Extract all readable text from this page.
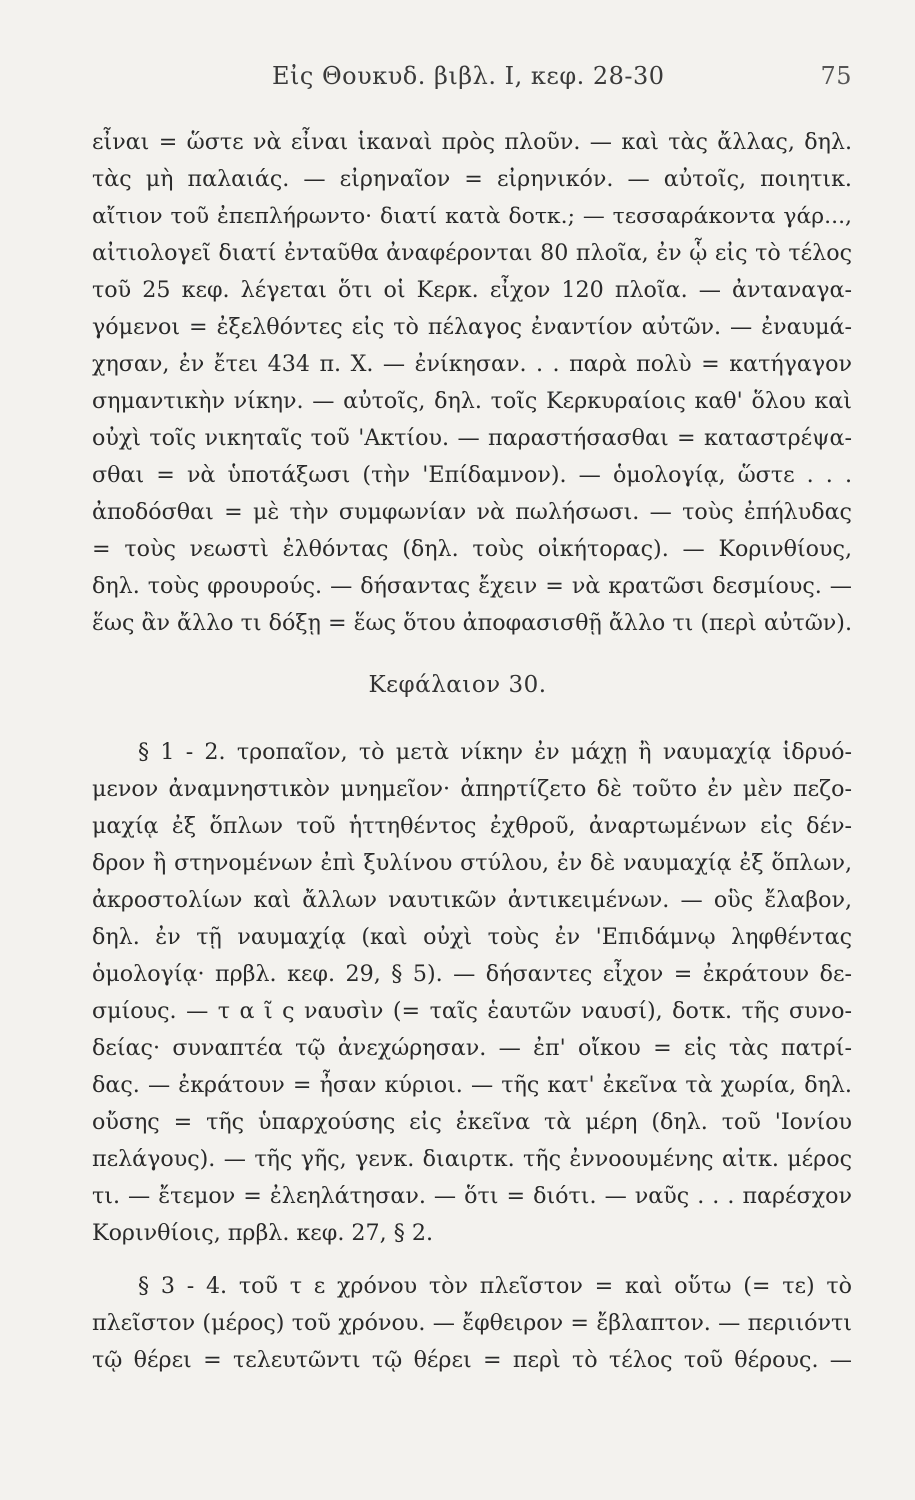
Εἰς Θουκυδ. βιβλ. Ι, κεφ. 28-30	75
εἶναι = ὥστε νὰ εἶναι ἱκαναὶ πρὸς πλοῦν. — καὶ τὰς ἄλλας, δηλ.
τὰς μὴ παλαιάς. — εἰρηναῖον = εἰρηνικόν. — αὐτοῖς, ποιητικ.
αἴτιον τοῦ ἐπεπλήρωντο· διατί κατὰ δοτκ.; — τεσσαράκοντα γάρ...,
αἰτιολογεῖ διατί ἐνταῦθα ἀναφέρονται 80 πλοῖα, ἐν ᾧ εἰς τὸ τέλος
τοῦ 25 κεφ. λέγεται ὅτι οἱ Κερκ. εἶχον 120 πλοῖα. — ἀνταναγα-
γόμενοι = ἐξελθόντες εἰς τὸ πέλαγος ἐναντίον αὐτῶν. — ἐναυμά-
χησαν, ἐν ἔτει 434 π. Χ. — ἐνίκησαν. . . παρὰ πολὺ = κατήγαγον
σημαντικὴν νίκην. — αὐτοῖς, δηλ. τοῖς Κερκυραίοις καθ' ὅλου καὶ
οὐχὶ τοῖς νικηταῖς τοῦ 'Ακτίου. — παραστήσασθαι = καταστρέψα-
σθαι = νὰ ὑποτάξωσι (τὴν 'Επίδαμνον). — ὁμολογίᾳ, ὥστε . . .
ἀποδόσθαι = μὲ τὴν συμφωνίαν νὰ πωλήσωσι. — τοὺς ἐπήλυδας
= τοὺς νεωστὶ ἐλθόντας (δηλ. τοὺς οἰκήτορας). — Κορινθίους,
δηλ. τοὺς φρουρούς. — δήσαντας ἔχειν = νὰ κρατῶσι δεσμίους. —
ἕως ἂν ἄλλο τι δόξῃ = ἕως ὅτου ἀποφασισθῇ ἄλλο τι (περὶ αὐτῶν).
Κεφάλαιον 30.
§ 1 - 2. τροπαῖον, τὸ μετὰ νίκην ἐν μάχῃ ἢ ναυμαχίᾳ ἱδρυό-
μενον ἀναμνηστικὸν μνημεῖον· ἀπηρτίζετο δὲ τοῦτο ἐν μὲν πεζο-
μαχίᾳ ἐξ ὅπλων τοῦ ἡττηθέντος ἐχθροῦ, ἀναρτωμένων εἰς δέν-
δρον ἢ στηνομένων ἐπὶ ξυλίνου στύλου, ἐν δὲ ναυμαχίᾳ ἐξ ὅπλων,
ἀκροστολίων καὶ ἄλλων ναυτικῶν ἀντικειμένων. — οὓς ἔλαβον,
δηλ. ἐν τῇ ναυμαχίᾳ (καὶ οὐχὶ τοὺς ἐν 'Επιδάμνῳ ληφθέντας
ὁμολογίᾳ· πρβλ. κεφ. 29, § 5). — δήσαντες εἶχον = ἐκράτουν δε-
σμίους. — τ α ῖ ς ναυσὶν (= ταῖς ἑαυτῶν ναυσί), δοτκ. τῆς συνο-
δείας· συναπτέα τῷ ἀνεχώρησαν. — ἐπ' οἴκου = εἰς τὰς πατρί-
δας. — ἐκράτουν = ἦσαν κύριοι. — τῆς κατ' ἐκεῖνα τὰ χωρία, δηλ.
οὔσης = τῆς ὑπαρχούσης εἰς ἐκεῖνα τὰ μέρη (δηλ. τοῦ 'Ιονίου
πελάγους). — τῆς γῆς, γενκ. διαιρτκ. τῆς ἐννοουμένης αἰτκ. μέρος
τι. — ἔτεμον = ἐλεηλάτησαν. — ὅτι = διότι. — ναῦς . . . παρέσχον
Κορινθίοις, πρβλ. κεφ. 27, § 2.
§ 3 - 4. τοῦ τ ε χρόνου τὸν πλεῖστον = καὶ οὕτω (= τε) τὸ
πλεῖστον (μέρος) τοῦ χρόνου. — ἔφθειρον = ἔβλαπτον. — περιιόντι
τῷ θέρει = τελευτῶντι τῷ θέρει = περὶ τὸ τέλος τοῦ θέρους. —
